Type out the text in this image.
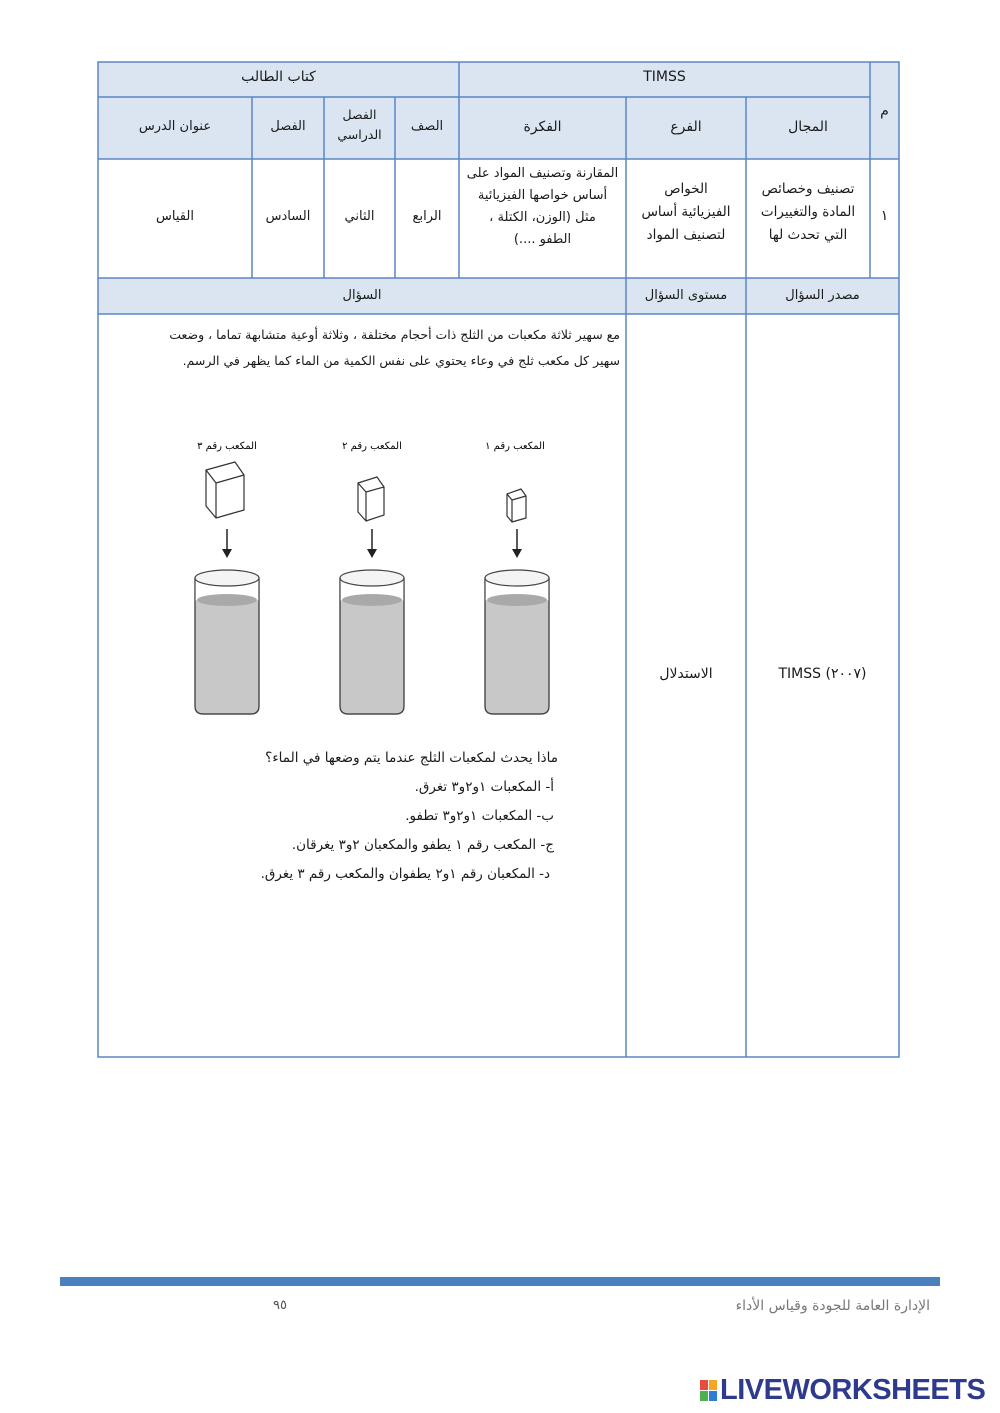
م
TIMSS
كتاب الطالب
المجال
الفرع
الفكرة
الصف
الفصل
الدراسي
الفصل
عنوان الدرس
١
تصنيف وخصائص
المادة والتغييرات
التي تحدث لها
الخواص
الفيزيائية أساس
لتصنيف المواد
المقارنة وتصنيف المواد على
أساس خواصها الفيزيائية
مثل (الوزن، الكتلة ،
الطفو ....)
الرابع
الثاني
السادس
القياس
مصدر السؤال
مستوى السؤال
السؤال
TIMSS (٢٠٠٧)
الاستدلال
مع سهير ثلاثة مكعبات من الثلج ذات أحجام مختلفة ، وثلاثة أوعية متشابهة تماما ، وضعت
سهير كل مكعب ثلج في وعاء يحتوي على نفس الكمية من الماء كما يظهر في الرسم.
المكعب رقم ١
المكعب رقم ٢
المكعب رقم ٣
ماذا يحدث لمكعبات الثلج عندما يتم وضعها في الماء؟
أ- المكعبات ١و٢و٣ تغرق.
ب- المكعبات ١و٢و٣ تطفو.
ج- المكعب رقم ١ يطفو والمكعبان ٢و٣ يغرقان.
د- المكعبان رقم ١و٢ يطفوان والمكعب رقم ٣ يغرق.
٩٥	الإدارة العامة للجودة وقياس الأداء
LIVEWORKSHEETS
